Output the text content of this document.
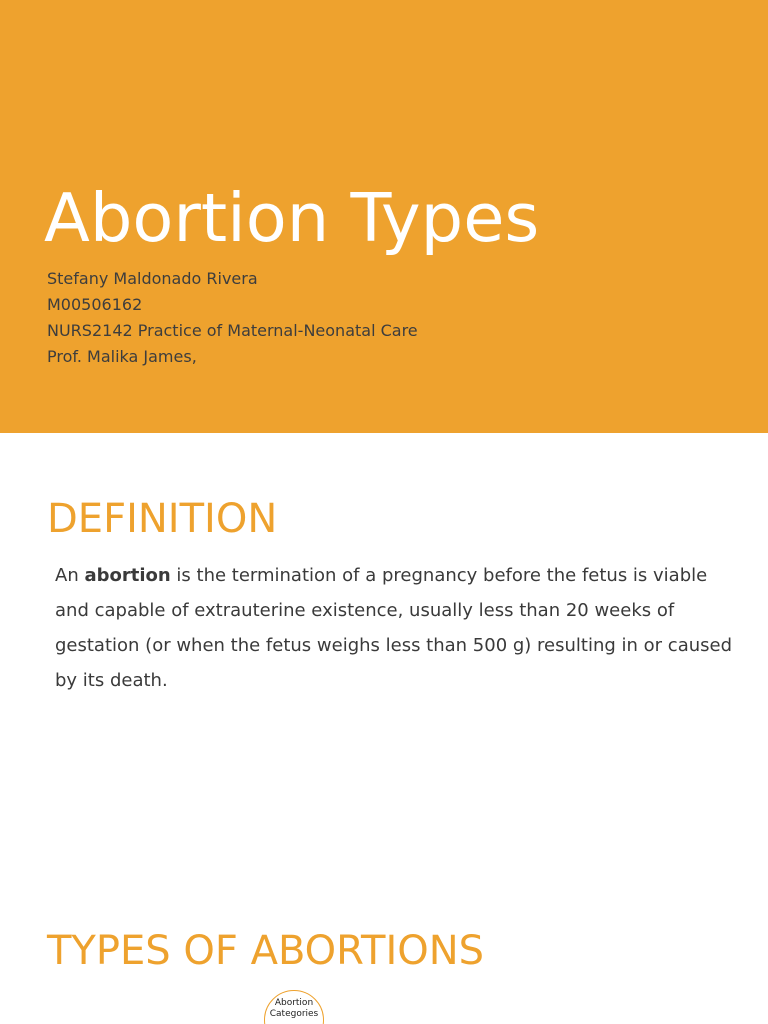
Abortion Types
Stefany Maldonado Rivera
M00506162
NURS2142 Practice of Maternal-Neonatal Care
Prof. Malika James,
DEFINITION

An abortion is the termination of a pregnancy before the fetus is viable and capable of extrauterine existence, usually less than 20 weeks of gestation (or when the fetus weighs less than 500 g) resulting in or caused by its death.

TYPES OF ABORTIONS
Abortion
Categories
